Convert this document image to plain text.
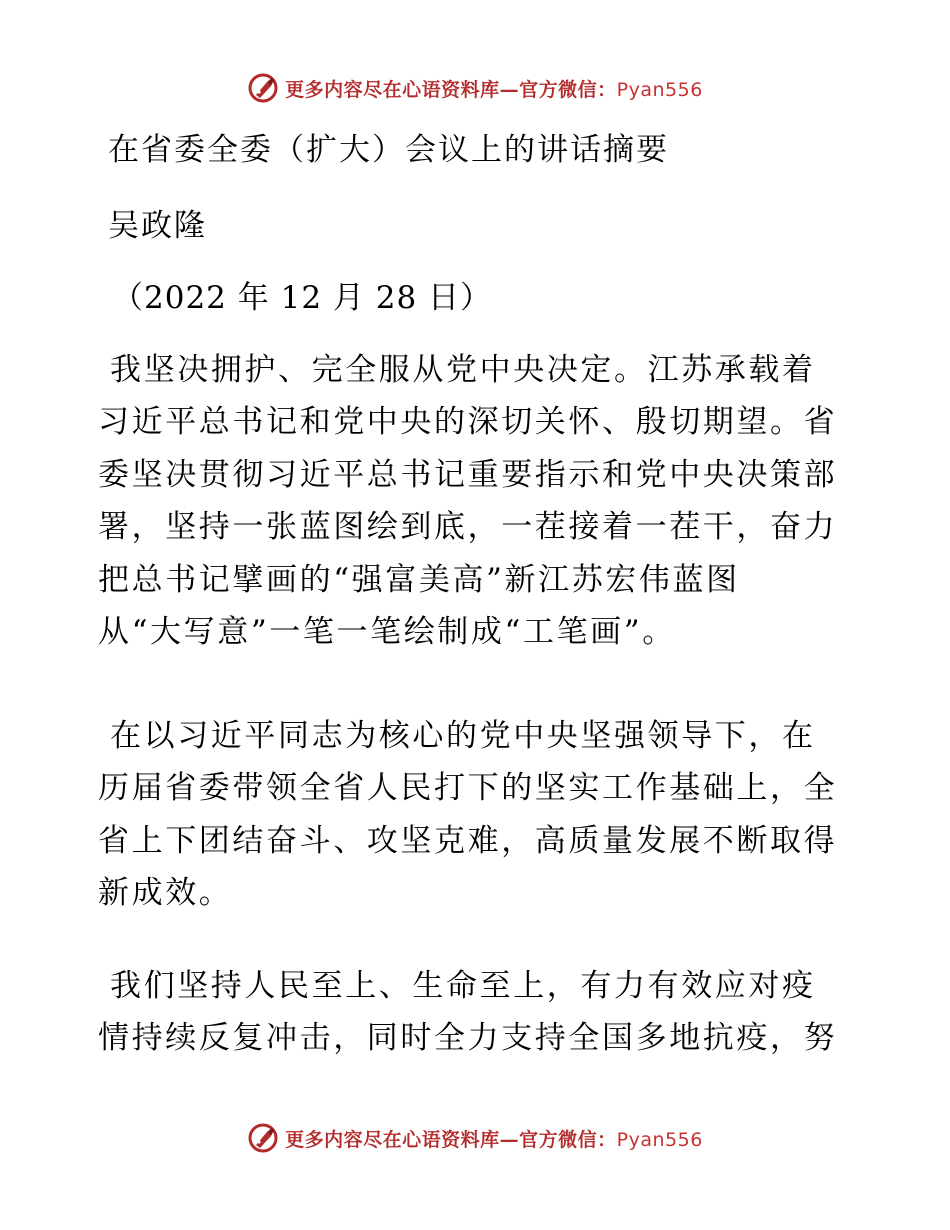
更多内容尽在心语资料库—官方微信：Pyan556
在省委全委（扩大）会议上的讲话摘要
吴政隆
（2022 年 12 月 28 日）

我坚决拥护、完全服从党中央决定。江苏承载着
习近平总书记和党中央的深切关怀、殷切期望。省
委坚决贯彻习近平总书记重要指示和党中央决策部
署，坚持一张蓝图绘到底，一茬接着一茬干，奋力
把总书记擘画的“强富美高”新江苏宏伟蓝图
从“大写意”一笔一笔绘制成“工笔画”。

在以习近平同志为核心的党中央坚强领导下，在
历届省委带领全省人民打下的坚实工作基础上，全
省上下团结奋斗、攻坚克难，高质量发展不断取得
新成效。

我们坚持人民至上、生命至上，有力有效应对疫
情持续反复冲击，同时全力支持全国多地抗疫，努

更多内容尽在心语资料库—官方微信：Pyan556
